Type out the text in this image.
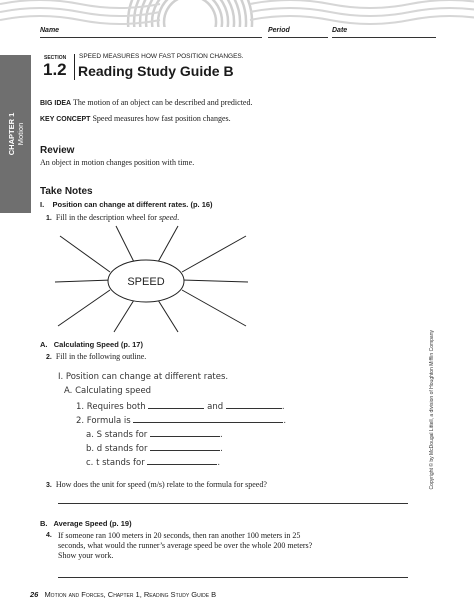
Name	Period	Date
CHAPTER 1 Motion
SECTION
1.2
SPEED MEASURES HOW FAST POSITION CHANGES.
Reading Study Guide B
BIG IDEA The motion of an object can be described and predicted.
KEY CONCEPT Speed measures how fast position changes.
Review
An object in motion changes position with time.
Take Notes
I. Position can change at different rates. (p. 16)
1. Fill in the description wheel for speed.
SPEED
A. Calculating Speed (p. 17)
2. Fill in the following outline.
I. Position can change at different rates.
A. Calculating speed
1. Requires both	and	.
2. Formula is	.
a. S stands for	.
b. d stands for	.
c. t stands for	.
3. How does the unit for speed (m/s) relate to the formula for speed?
B. Average Speed (p. 19)
4. If someone ran 100 meters in 20 seconds, then ran another 100 meters in 25
seconds, what would the runner’s average speed be over the whole 200 meters?
Show your work.
Copyright © by McDougal Littell, a division of Houghton Mifflin Company
26 Motion and Forces, Chapter 1, Reading Study Guide B
